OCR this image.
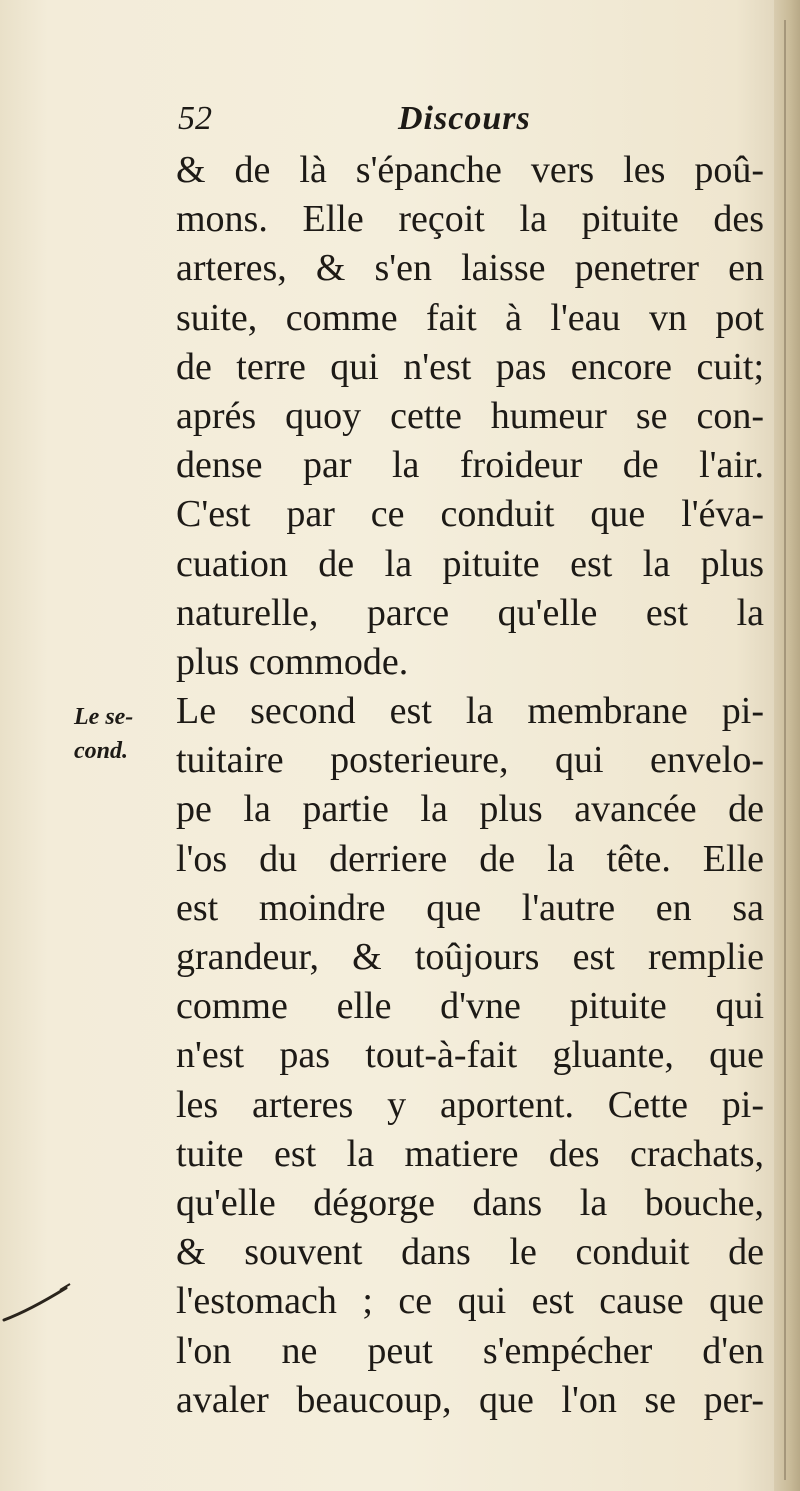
52	Discours
Le se-
cond.
& de là s'épanche vers les poû-
mons. Elle reçoit la pituite des
arteres, & s'en laisse penetrer en
suite, comme fait à l'eau vn pot
de terre qui n'est pas encore cuit;
aprés quoy cette humeur se con-
dense par la froideur de l'air.
C'est par ce conduit que l'éva-
cuation de la pituite est la plus
naturelle, parce qu'elle est la
plus commode.
Le second est la membrane pi-
tuitaire posterieure, qui envelo-
pe la partie la plus avancée de
l'os du derriere de la tête. Elle
est moindre que l'autre en sa
grandeur, & toûjours est remplie
comme elle d'vne pituite qui
n'est pas tout-à-fait gluante, que
les arteres y aportent. Cette pi-
tuite est la matiere des crachats,
qu'elle dégorge dans la bouche,
& souvent dans le conduit de
l'estomach ; ce qui est cause que
l'on ne peut s'empécher d'en
avaler beaucoup, que l'on se per-
